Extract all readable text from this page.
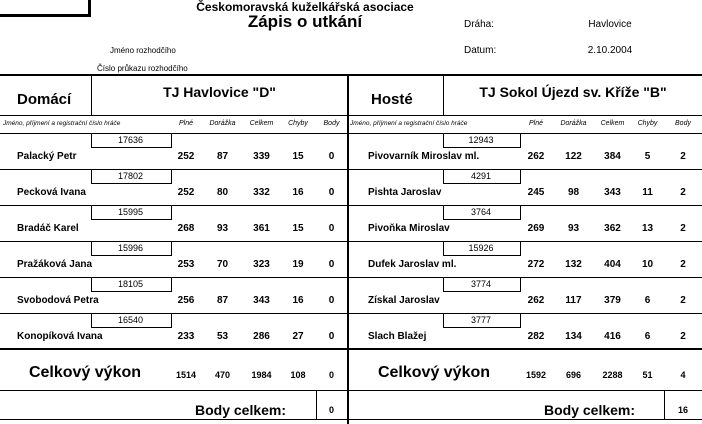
Českomoravská kuželkářská asociace
Zápis o utkání	Dráha:	Havlovice
Datum:	2.10.2004
Jméno rozhodčího
Číslo průkazu rozhodčího
Domácí	TJ Havlovice "D"	Hosté	TJ Sokol Újezd sv. Kříže "B"
Jméno, příjmení a registrační číslo hráče	Plné	Dorážka	Celkem	Chyby	Body	Jméno, příjmení a registrační číslo hráče	Plné	Dorážka	Celkem	Chyby	Body
17636
Palacký Petr	252	87	339	15	0
17802
Pecková Ivana	252	80	332	16	0
15995
Bradáč Karel	268	93	361	15	0
15996
Pražáková Jana	253	70	323	19	0
18105
Svobodová Petra	256	87	343	16	0
16540
Konopíková Ivana	233	53	286	27	0
12943
Pivovarník Miroslav ml.	262	122	384	5	2
4291
Pishta Jaroslav	245	98	343	11	2
3764
Pivoňka Miroslav	269	93	362	13	2
15926
Dufek Jaroslav ml.	272	132	404	10	2
3774
Získal Jaroslav	262	117	379	6	2
3777
Slach Blažej	282	134	416	6	2
Celkový výkon	1514	470	1984	108	0	Celkový výkon	1592	696	2288	51	4
Body celkem:	0	Body celkem:	16
